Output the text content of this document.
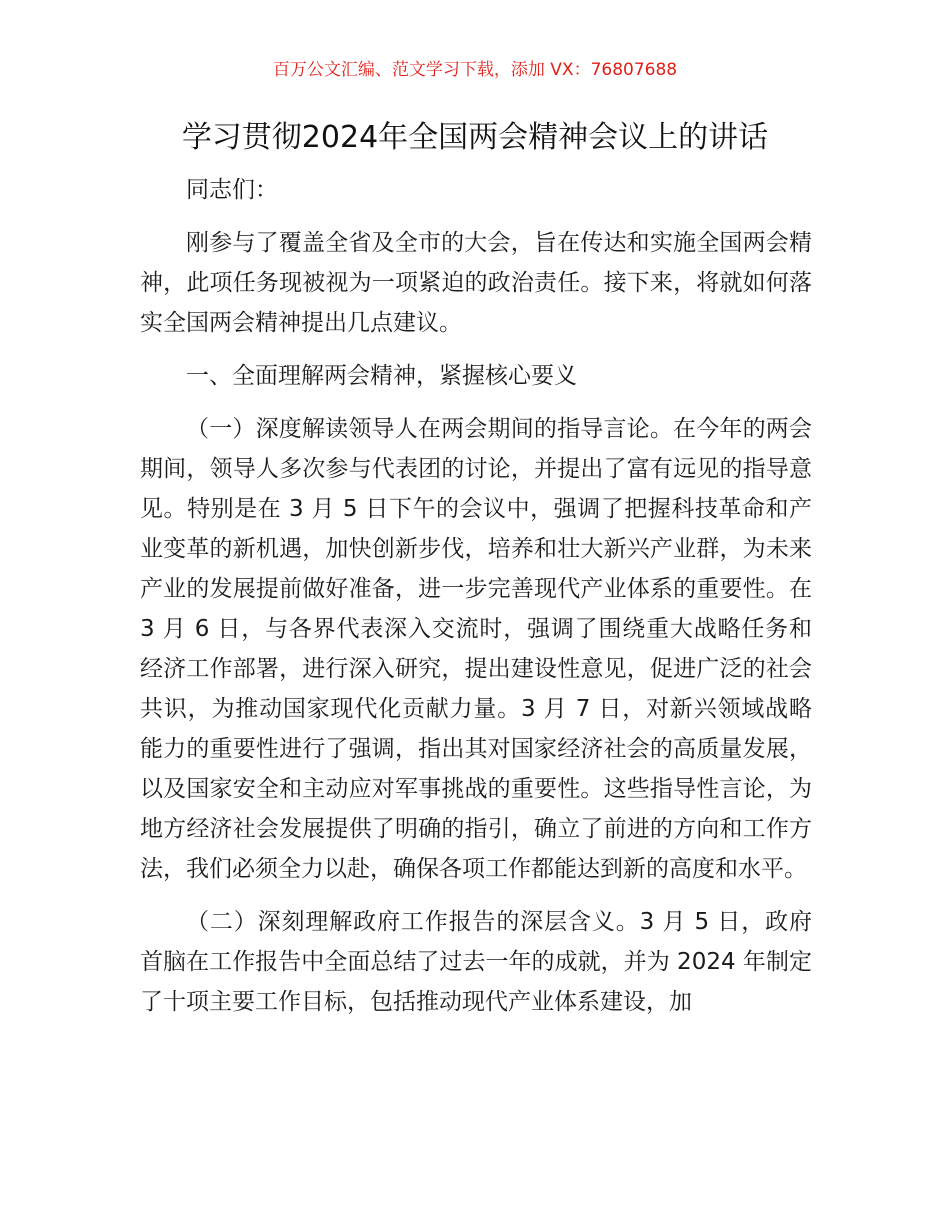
百万公文汇编、范文学习下载，添加 VX：76807688
学习贯彻2024年全国两会精神会议上的讲话

同志们：

刚参与了覆盖全省及全市的大会，旨在传达和实施全国两会精神，此项任务现被视为一项紧迫的政治责任。接下来，将就如何落实全国两会精神提出几点建议。

一、全面理解两会精神，紧握核心要义

（一）深度解读领导人在两会期间的指导言论。在今年的两会期间，领导人多次参与代表团的讨论，并提出了富有远见的指导意见。特别是在 3 月 5 日下午的会议中，强调了把握科技革命和产业变革的新机遇，加快创新步伐，培养和壮大新兴产业群，为未来产业的发展提前做好准备，进一步完善现代产业体系的重要性。在 3 月 6 日，与各界代表深入交流时，强调了围绕重大战略任务和经济工作部署，进行深入研究，提出建设性意见，促进广泛的社会共识，为推动国家现代化贡献力量。3 月 7 日，对新兴领域战略能力的重要性进行了强调，指出其对国家经济社会的高质量发展，以及国家安全和主动应对军事挑战的重要性。这些指导性言论，为地方经济社会发展提供了明确的指引，确立了前进的方向和工作方法，我们必须全力以赴，确保各项工作都能达到新的高度和水平。

（二）深刻理解政府工作报告的深层含义。3 月 5 日，政府首脑在工作报告中全面总结了过去一年的成就，并为 2024 年制定了十项主要工作目标，包括推动现代产业体系建设，加
